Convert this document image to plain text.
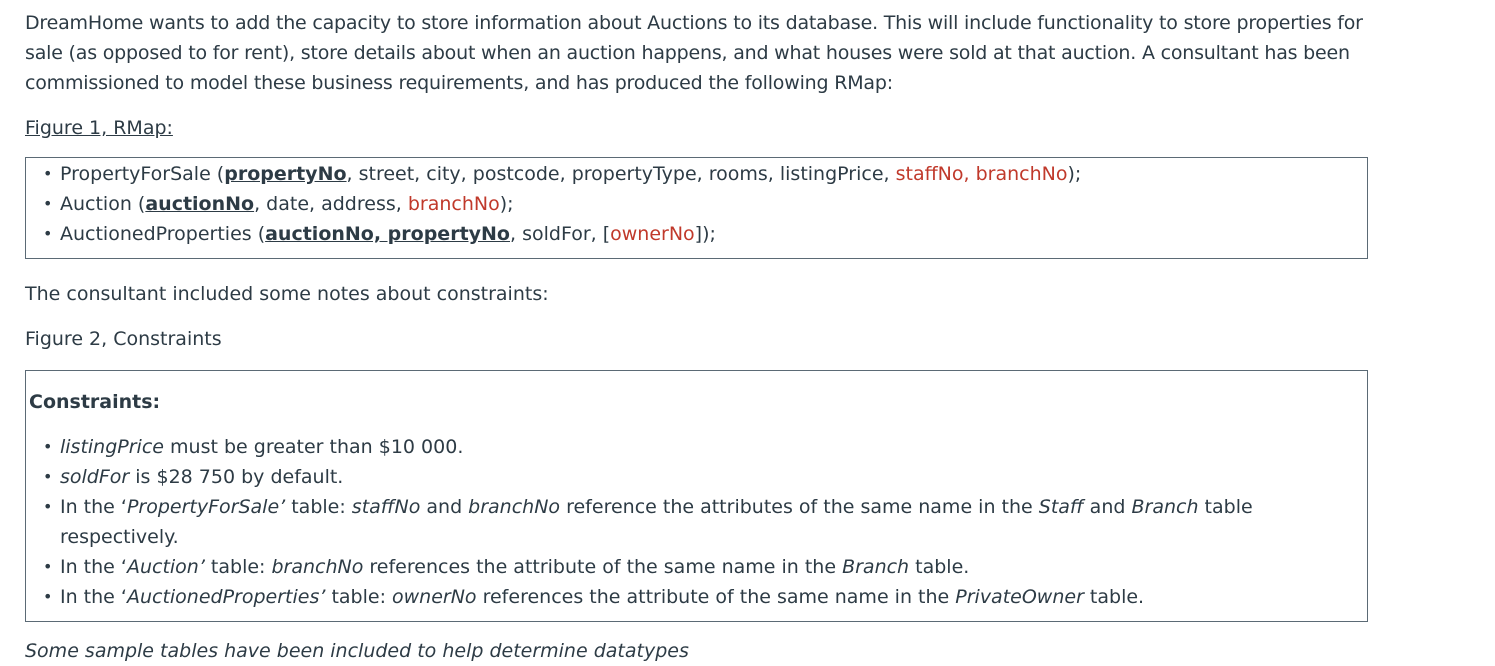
DreamHome wants to add the capacity to store information about Auctions to its database. This will include functionality to store properties for sale (as opposed to for rent), store details about when an auction happens, and what houses were sold at that auction. A consultant has been commissioned to model these business requirements, and has produced the following RMap:

Figure 1, RMap:

• PropertyForSale (propertyNo, street, city, postcode, propertyType, rooms, listingPrice, staffNo, branchNo);
• Auction (auctionNo, date, address, branchNo);
• AuctionedProperties (auctionNo, propertyNo, soldFor, [ownerNo]);

The consultant included some notes about constraints:

Figure 2, Constraints

Constraints:
• listingPrice must be greater than $10 000.
• soldFor is $28 750 by default.
• In the ‘PropertyForSale’ table: staffNo and branchNo reference the attributes of the same name in the Staff and Branch table respectively.
• In the ‘Auction’ table: branchNo references the attribute of the same name in the Branch table.
• In the ‘AuctionedProperties’ table: ownerNo references the attribute of the same name in the PrivateOwner table.

Some sample tables have been included to help determine datatypes
